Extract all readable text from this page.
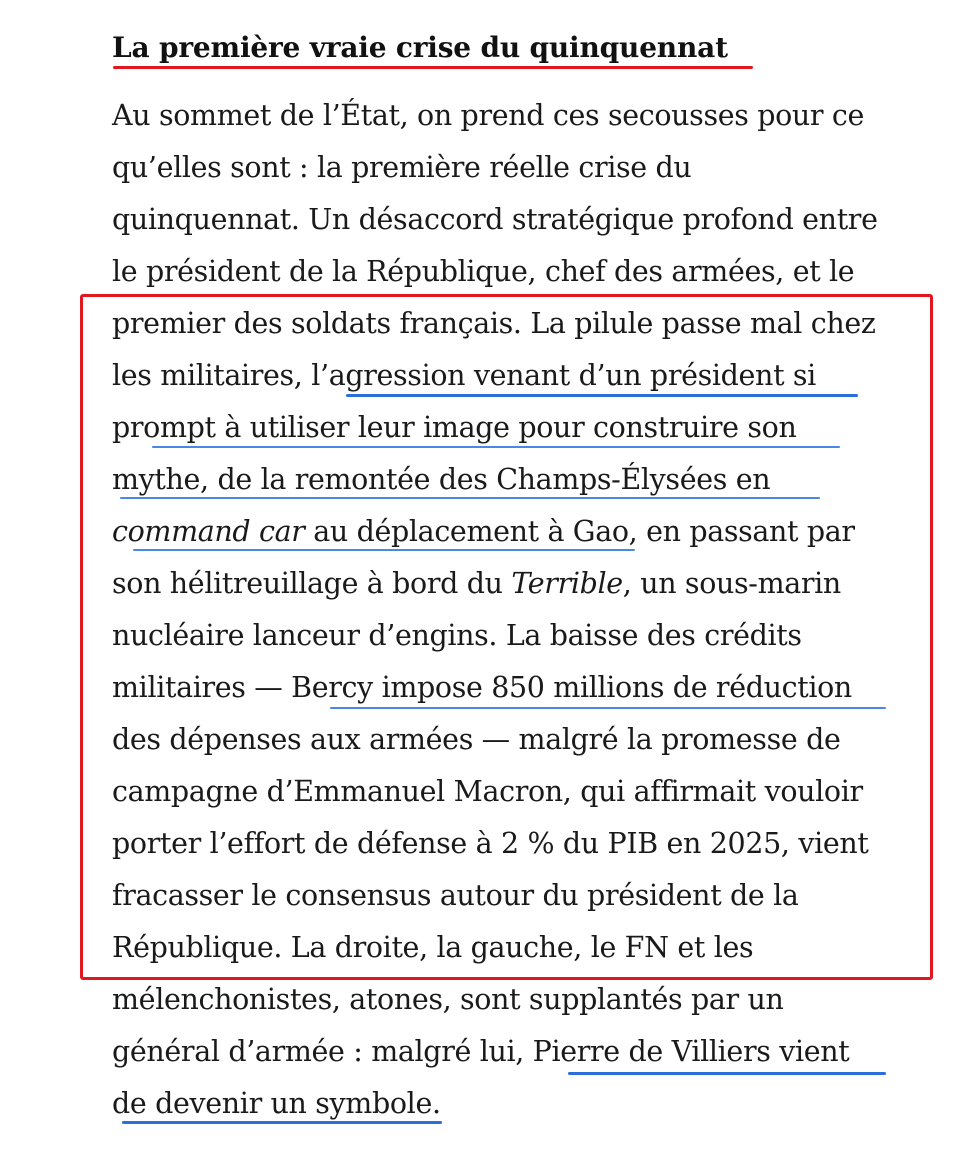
La première vraie crise du quinquennat
Au sommet de l’État, on prend ces secousses pour ce
qu’elles sont : la première réelle crise du
quinquennat. Un désaccord stratégique profond entre
le président de la République, chef des armées, et le
premier des soldats français. La pilule passe mal chez
les militaires, l’agression venant d’un président si
prompt à utiliser leur image pour construire son
mythe, de la remontée des Champs-Élysées en
command car au déplacement à Gao, en passant par
son hélitreuillage à bord du Terrible, un sous-marin
nucléaire lanceur d’engins. La baisse des crédits
militaires — Bercy impose 850 millions de réduction
des dépenses aux armées — malgré la promesse de
campagne d’Emmanuel Macron, qui affirmait vouloir
porter l’effort de défense à 2 % du PIB en 2025, vient
fracasser le consensus autour du président de la
République. La droite, la gauche, le FN et les
mélenchonistes, atones, sont supplantés par un
général d’armée : malgré lui, Pierre de Villiers vient
de devenir un symbole.
